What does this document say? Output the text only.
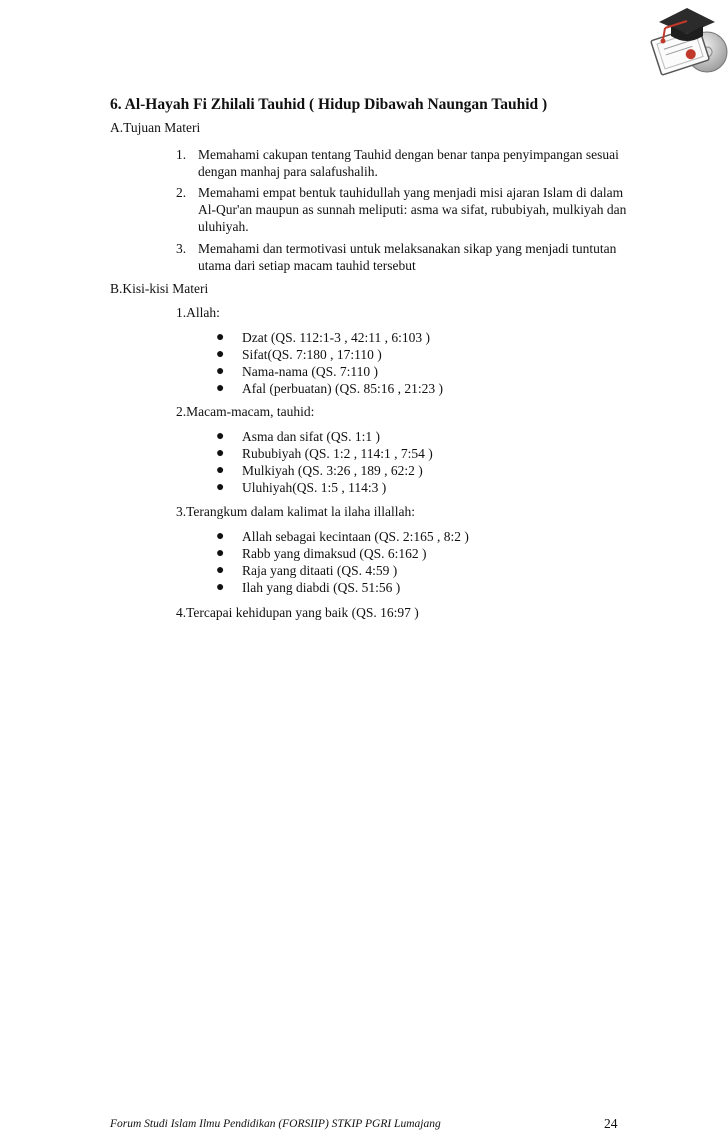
6. Al-Hayah Fi Zhilali Tauhid ( Hidup Dibawah Naungan Tauhid )
A.Tujuan Materi
1. Memahami cakupan tentang Tauhid dengan benar tanpa penyimpangan sesuai dengan manhaj para salafushalih.
2. Memahami empat bentuk tauhidullah yang menjadi misi ajaran Islam di dalam Al-Qur'an maupun as sunnah meliputi: asma wa sifat, rububiyah, mulkiyah dan uluhiyah.
3. Memahami dan termotivasi untuk melaksanakan sikap yang menjadi tuntutan utama dari setiap macam tauhid tersebut
B.Kisi-kisi Materi
1.Allah:
● Dzat (QS. 112:1-3 , 42:11 , 6:103 )
● Sifat(QS. 7:180 , 17:110 )
● Nama-nama (QS. 7:110 )
● Afal (perbuatan) (QS. 85:16 , 21:23 )
2.Macam-macam, tauhid:
● Asma dan sifat (QS. 1:1 )
● Rububiyah (QS. 1:2 , 114:1 , 7:54 )
● Mulkiyah (QS. 3:26 , 189 , 62:2 )
● Uluhiyah(QS. 1:5 , 114:3 )
3.Terangkum dalam kalimat la ilaha illallah:
● Allah sebagai kecintaan (QS. 2:165 , 8:2 )
● Rabb yang dimaksud (QS. 6:162 )
● Raja yang ditaati (QS. 4:59 )
● Ilah yang diabdi (QS. 51:56 )
4.Tercapai kehidupan yang baik (QS. 16:97 )
Forum Studi Islam Ilmu Pendidikan (FORSIIP) STKIP PGRI Lumajang	24
